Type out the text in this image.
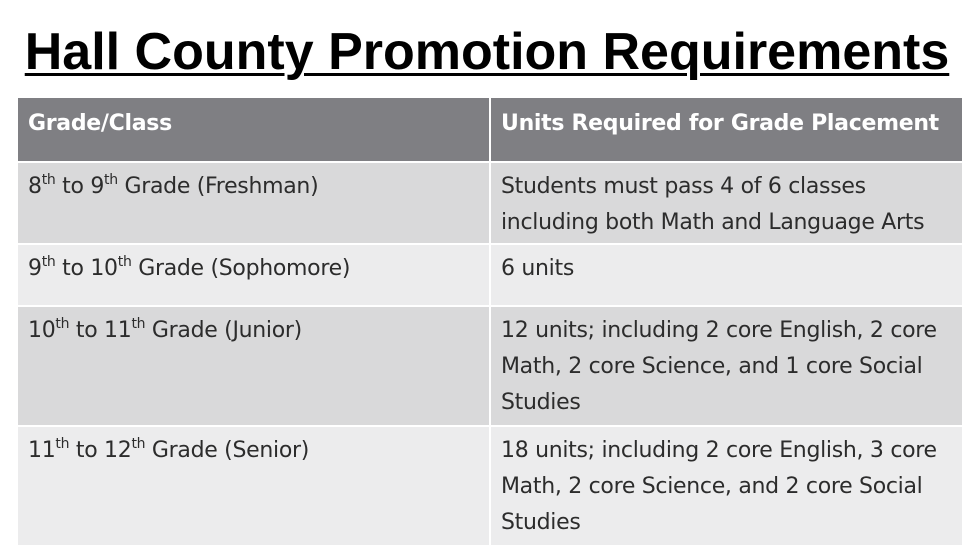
Hall County Promotion Requirements
Grade/Class	Units Required for Grade Placement
8th to 9th Grade (Freshman)	Students must pass 4 of 6 classes including both Math and Language Arts
9th to 10th Grade (Sophomore)	6 units
10th to 11th Grade (Junior)	12 units; including 2 core English, 2 core Math, 2 core Science, and 1 core Social Studies
11th to 12th Grade (Senior)	18 units; including 2 core English, 3 core Math, 2 core Science, and 2 core Social Studies
